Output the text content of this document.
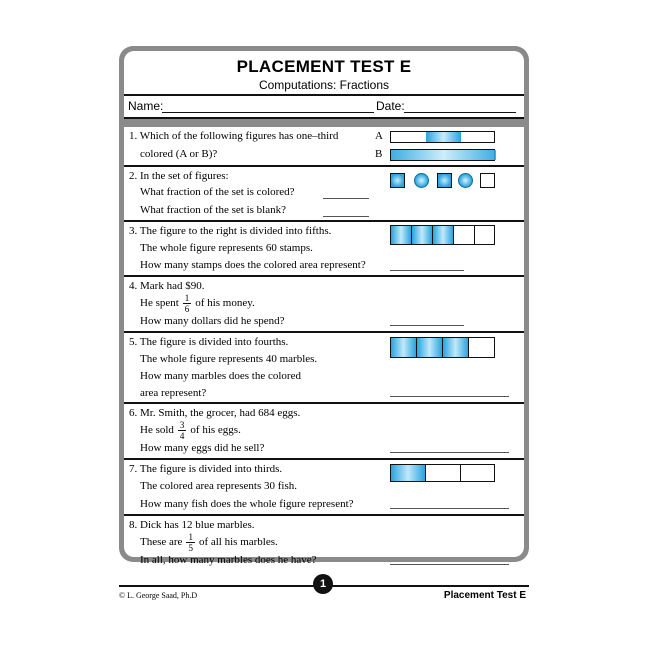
PLACEMENT TEST E
Computations: Fractions
Name:	Date:
1. Which of the following figures has one–third
colored (A or B)?
A
B
2. In the set of figures:
What fraction of the set is colored?
What fraction of the set is blank?
3. The figure to the right is divided into fifths.
The whole figure represents 60 stamps.
How many stamps does the colored area represent?
4. Mark had $90.
He spent $\frac{1}{6}$ of his money.
How many dollars did he spend?
5. The figure is divided into fourths.
The whole figure represents 40 marbles.
How many marbles does the colored
area represent?
6. Mr. Smith, the grocer, had 684 eggs.
He sold $\frac{3}{4}$ of his eggs.
How many eggs did he sell?
7. The figure is divided into thirds.
The colored area represents 30 fish.
How many fish does the whole figure represent?
8. Dick has 12 blue marbles.
These are $\frac{1}{5}$ of all his marbles.
In all, how many marbles does he have?
1
© L. George Saad, Ph.D	Placement Test E
